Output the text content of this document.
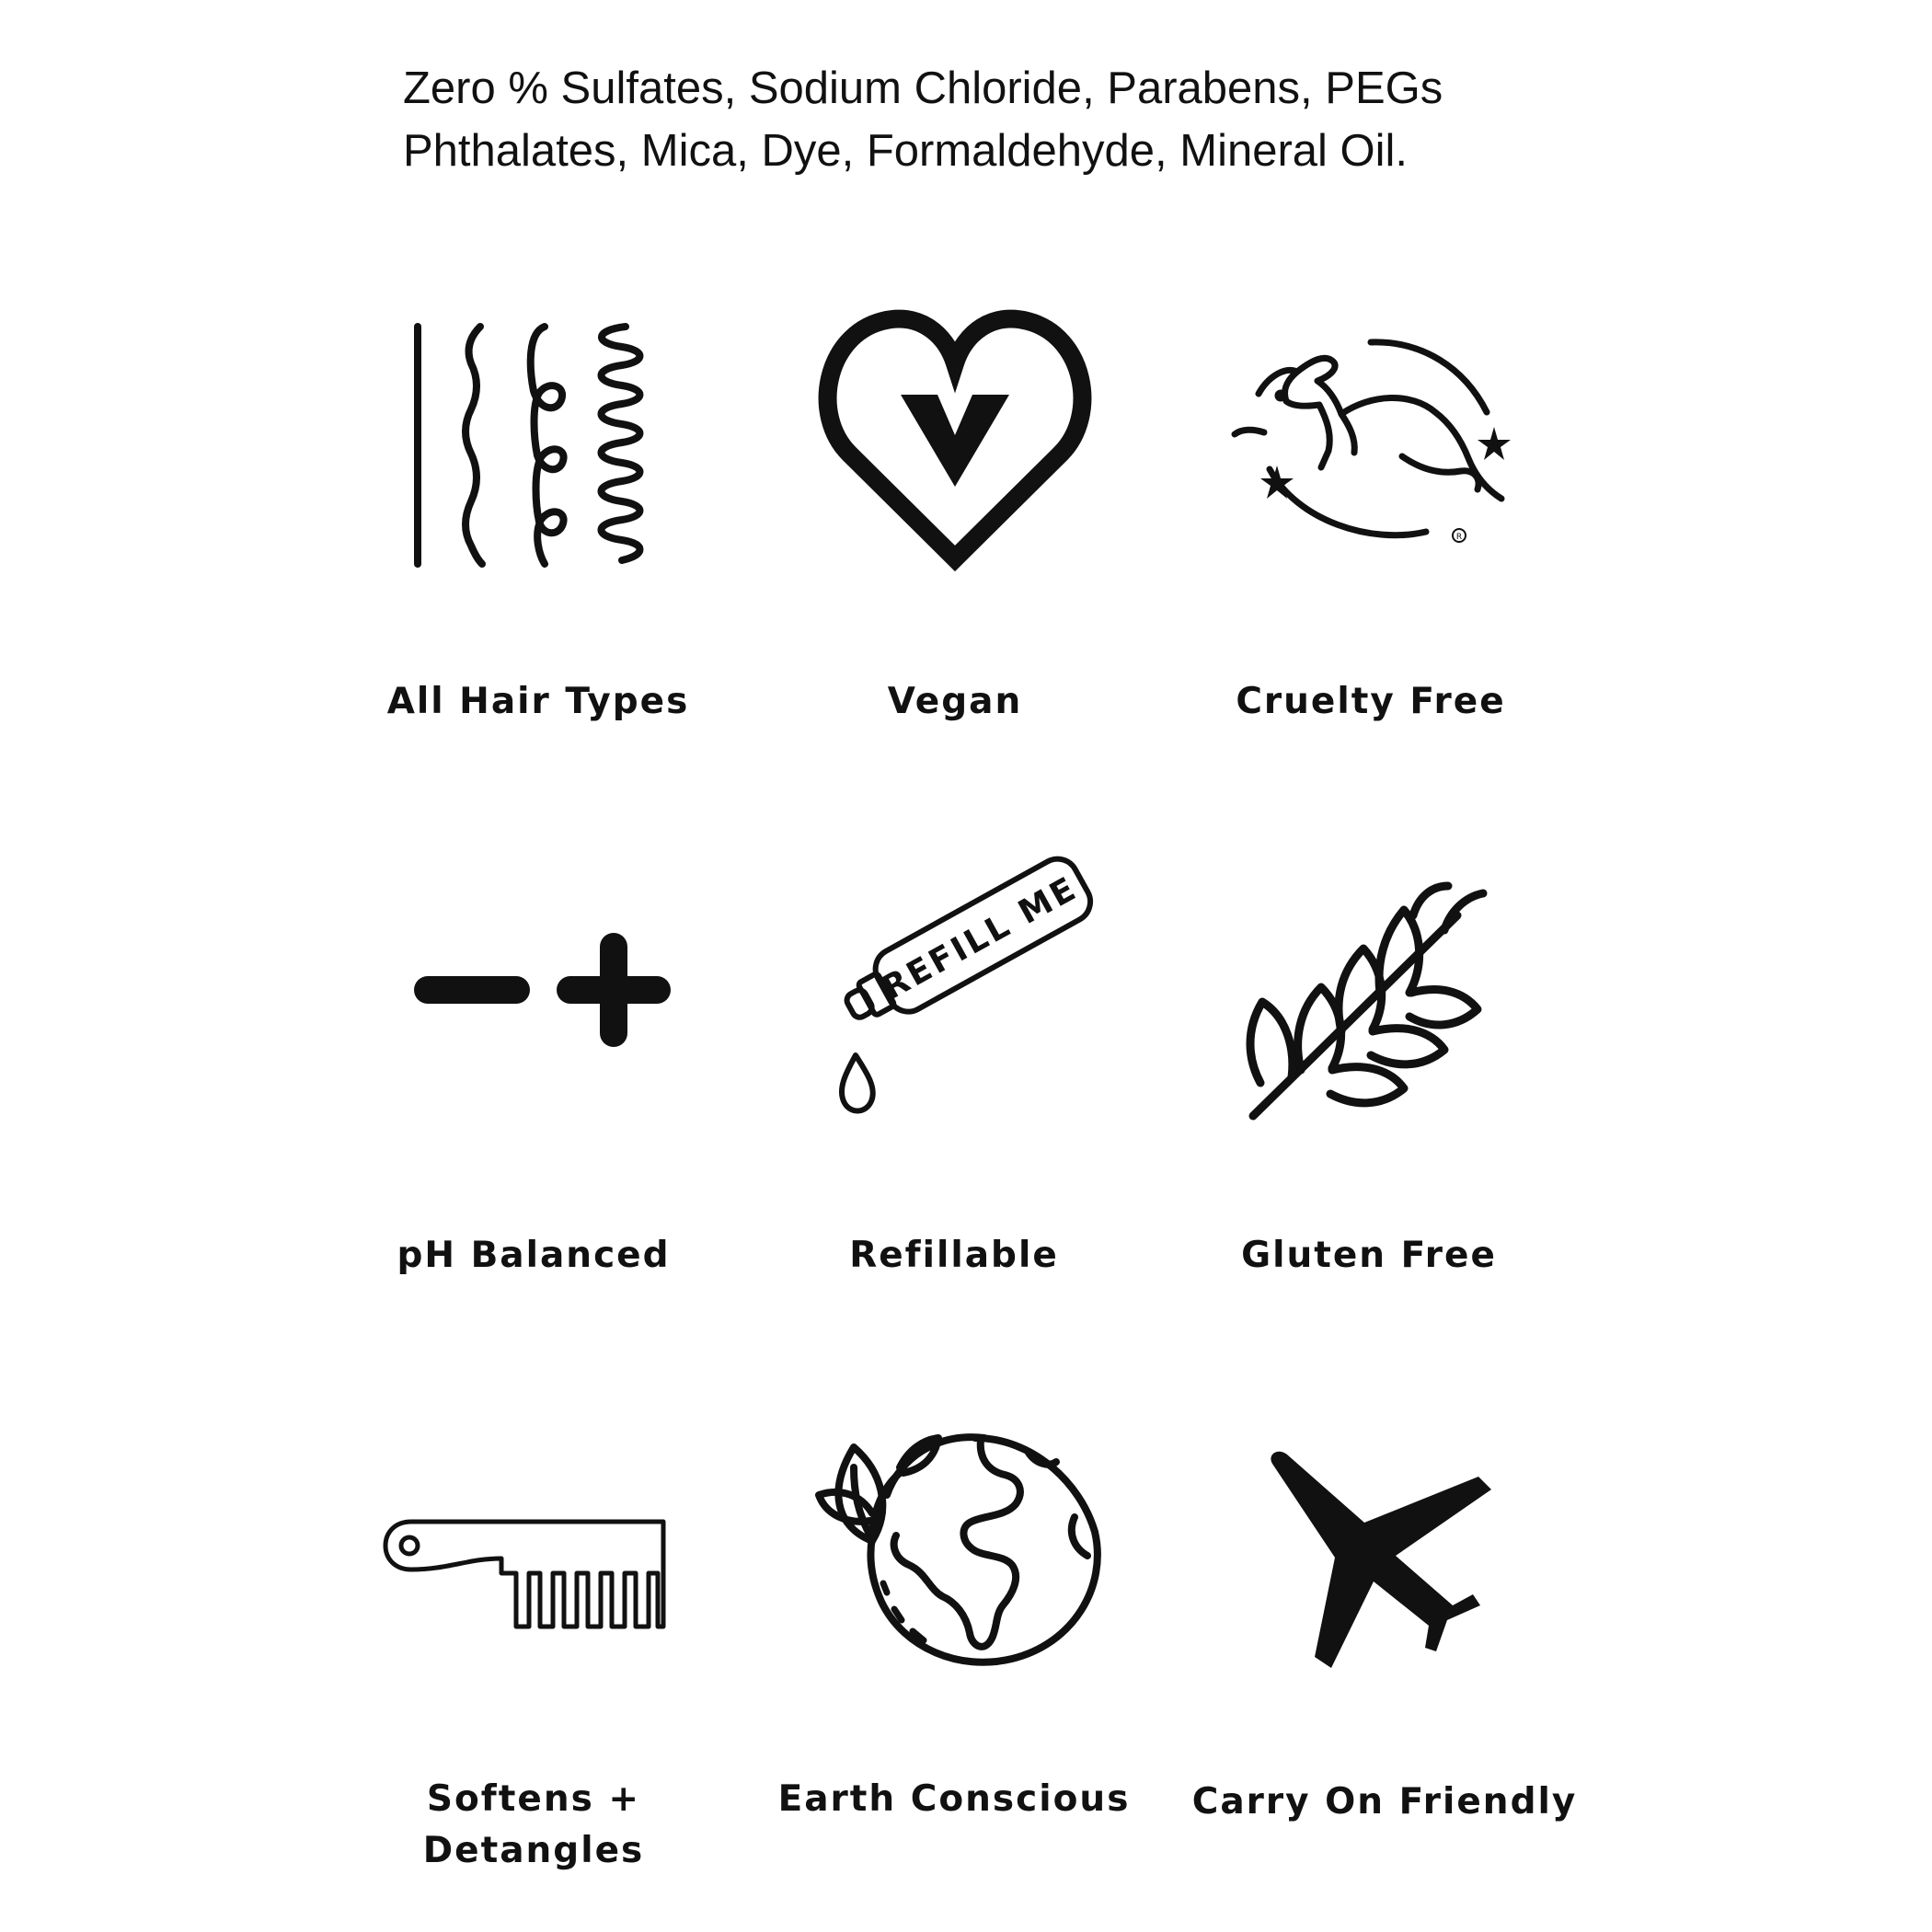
Zero % Sulfates, Sodium Chloride, Parabens, PEGs
Phthalates, Mica, Dye, Formaldehyde, Mineral Oil.
All Hair Types	Vegan
R
Cruelty Free
pH Balanced
REFILL ME
Refillable	Gluten Free
Softens +
Detangles
Earth Conscious	Carry On Friendly
